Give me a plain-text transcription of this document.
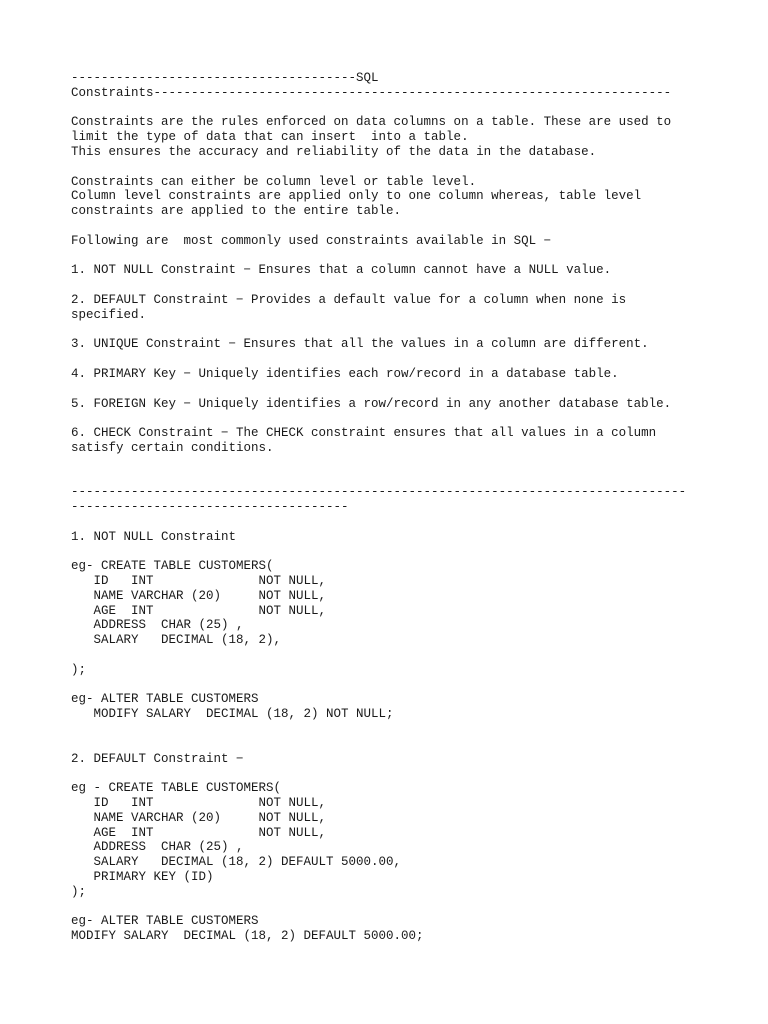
--------------------------------------SQL
Constraints---------------------------------------------------------------------
Constraints are the rules enforced on data columns on a table. These are used to
limit the type of data that can insert  into a table.
This ensures the accuracy and reliability of the data in the database.
Constraints can either be column level or table level.
Column level constraints are applied only to one column whereas, table level
constraints are applied to the entire table.
Following are  most commonly used constraints available in SQL −
1. NOT NULL Constraint − Ensures that a column cannot have a NULL value.
2. DEFAULT Constraint − Provides a default value for a column when none is
specified.
3. UNIQUE Constraint − Ensures that all the values in a column are different.
4. PRIMARY Key − Uniquely identifies each row/record in a database table.
5. FOREIGN Key − Uniquely identifies a row/record in any another database table.
6. CHECK Constraint − The CHECK constraint ensures that all values in a column
satisfy certain conditions.
----------------------------------------------------------------------------------
-------------------------------------
1. NOT NULL Constraint
eg- CREATE TABLE CUSTOMERS(
ID   INT              NOT NULL,
NAME VARCHAR (20)     NOT NULL,
AGE  INT              NOT NULL,
ADDRESS  CHAR (25) ,
SALARY   DECIMAL (18, 2),
);
eg- ALTER TABLE CUSTOMERS
MODIFY SALARY  DECIMAL (18, 2) NOT NULL;
2. DEFAULT Constraint −
eg - CREATE TABLE CUSTOMERS(
ID   INT              NOT NULL,
NAME VARCHAR (20)     NOT NULL,
AGE  INT              NOT NULL,
ADDRESS  CHAR (25) ,
SALARY   DECIMAL (18, 2) DEFAULT 5000.00,
PRIMARY KEY (ID)
);
eg- ALTER TABLE CUSTOMERS
MODIFY SALARY  DECIMAL (18, 2) DEFAULT 5000.00;
